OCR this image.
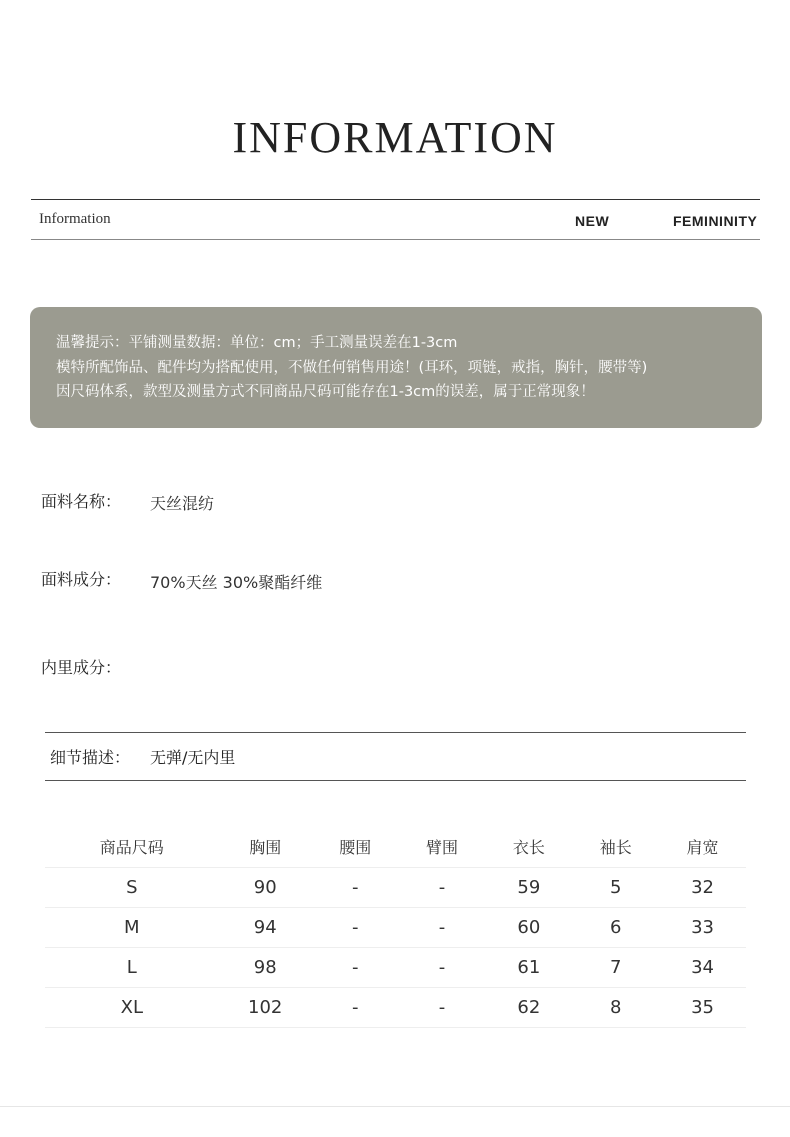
INFORMATION
Information	NEW	FEMININITY
温馨提示：平铺测量数据：单位：cm；手工测量误差在1-3cm
模特所配饰品、配件均为搭配使用，不做任何销售用途！(耳环，项链，戒指，胸针，腰带等)
因尺码体系，款型及测量方式不同商品尺码可能存在1-3cm的误差，属于正常现象！
面料名称： 天丝混纺
面料成分： 70%天丝 30%聚酯纤维
内里成分：
细节描述： 无弹/无内里
商品尺码	胸围	腰围	臂围	衣长	袖长	肩宽
S	90	-	-	59	5	32
M	94	-	-	60	6	33
L	98	-	-	61	7	34
XL	102	-	-	62	8	35
